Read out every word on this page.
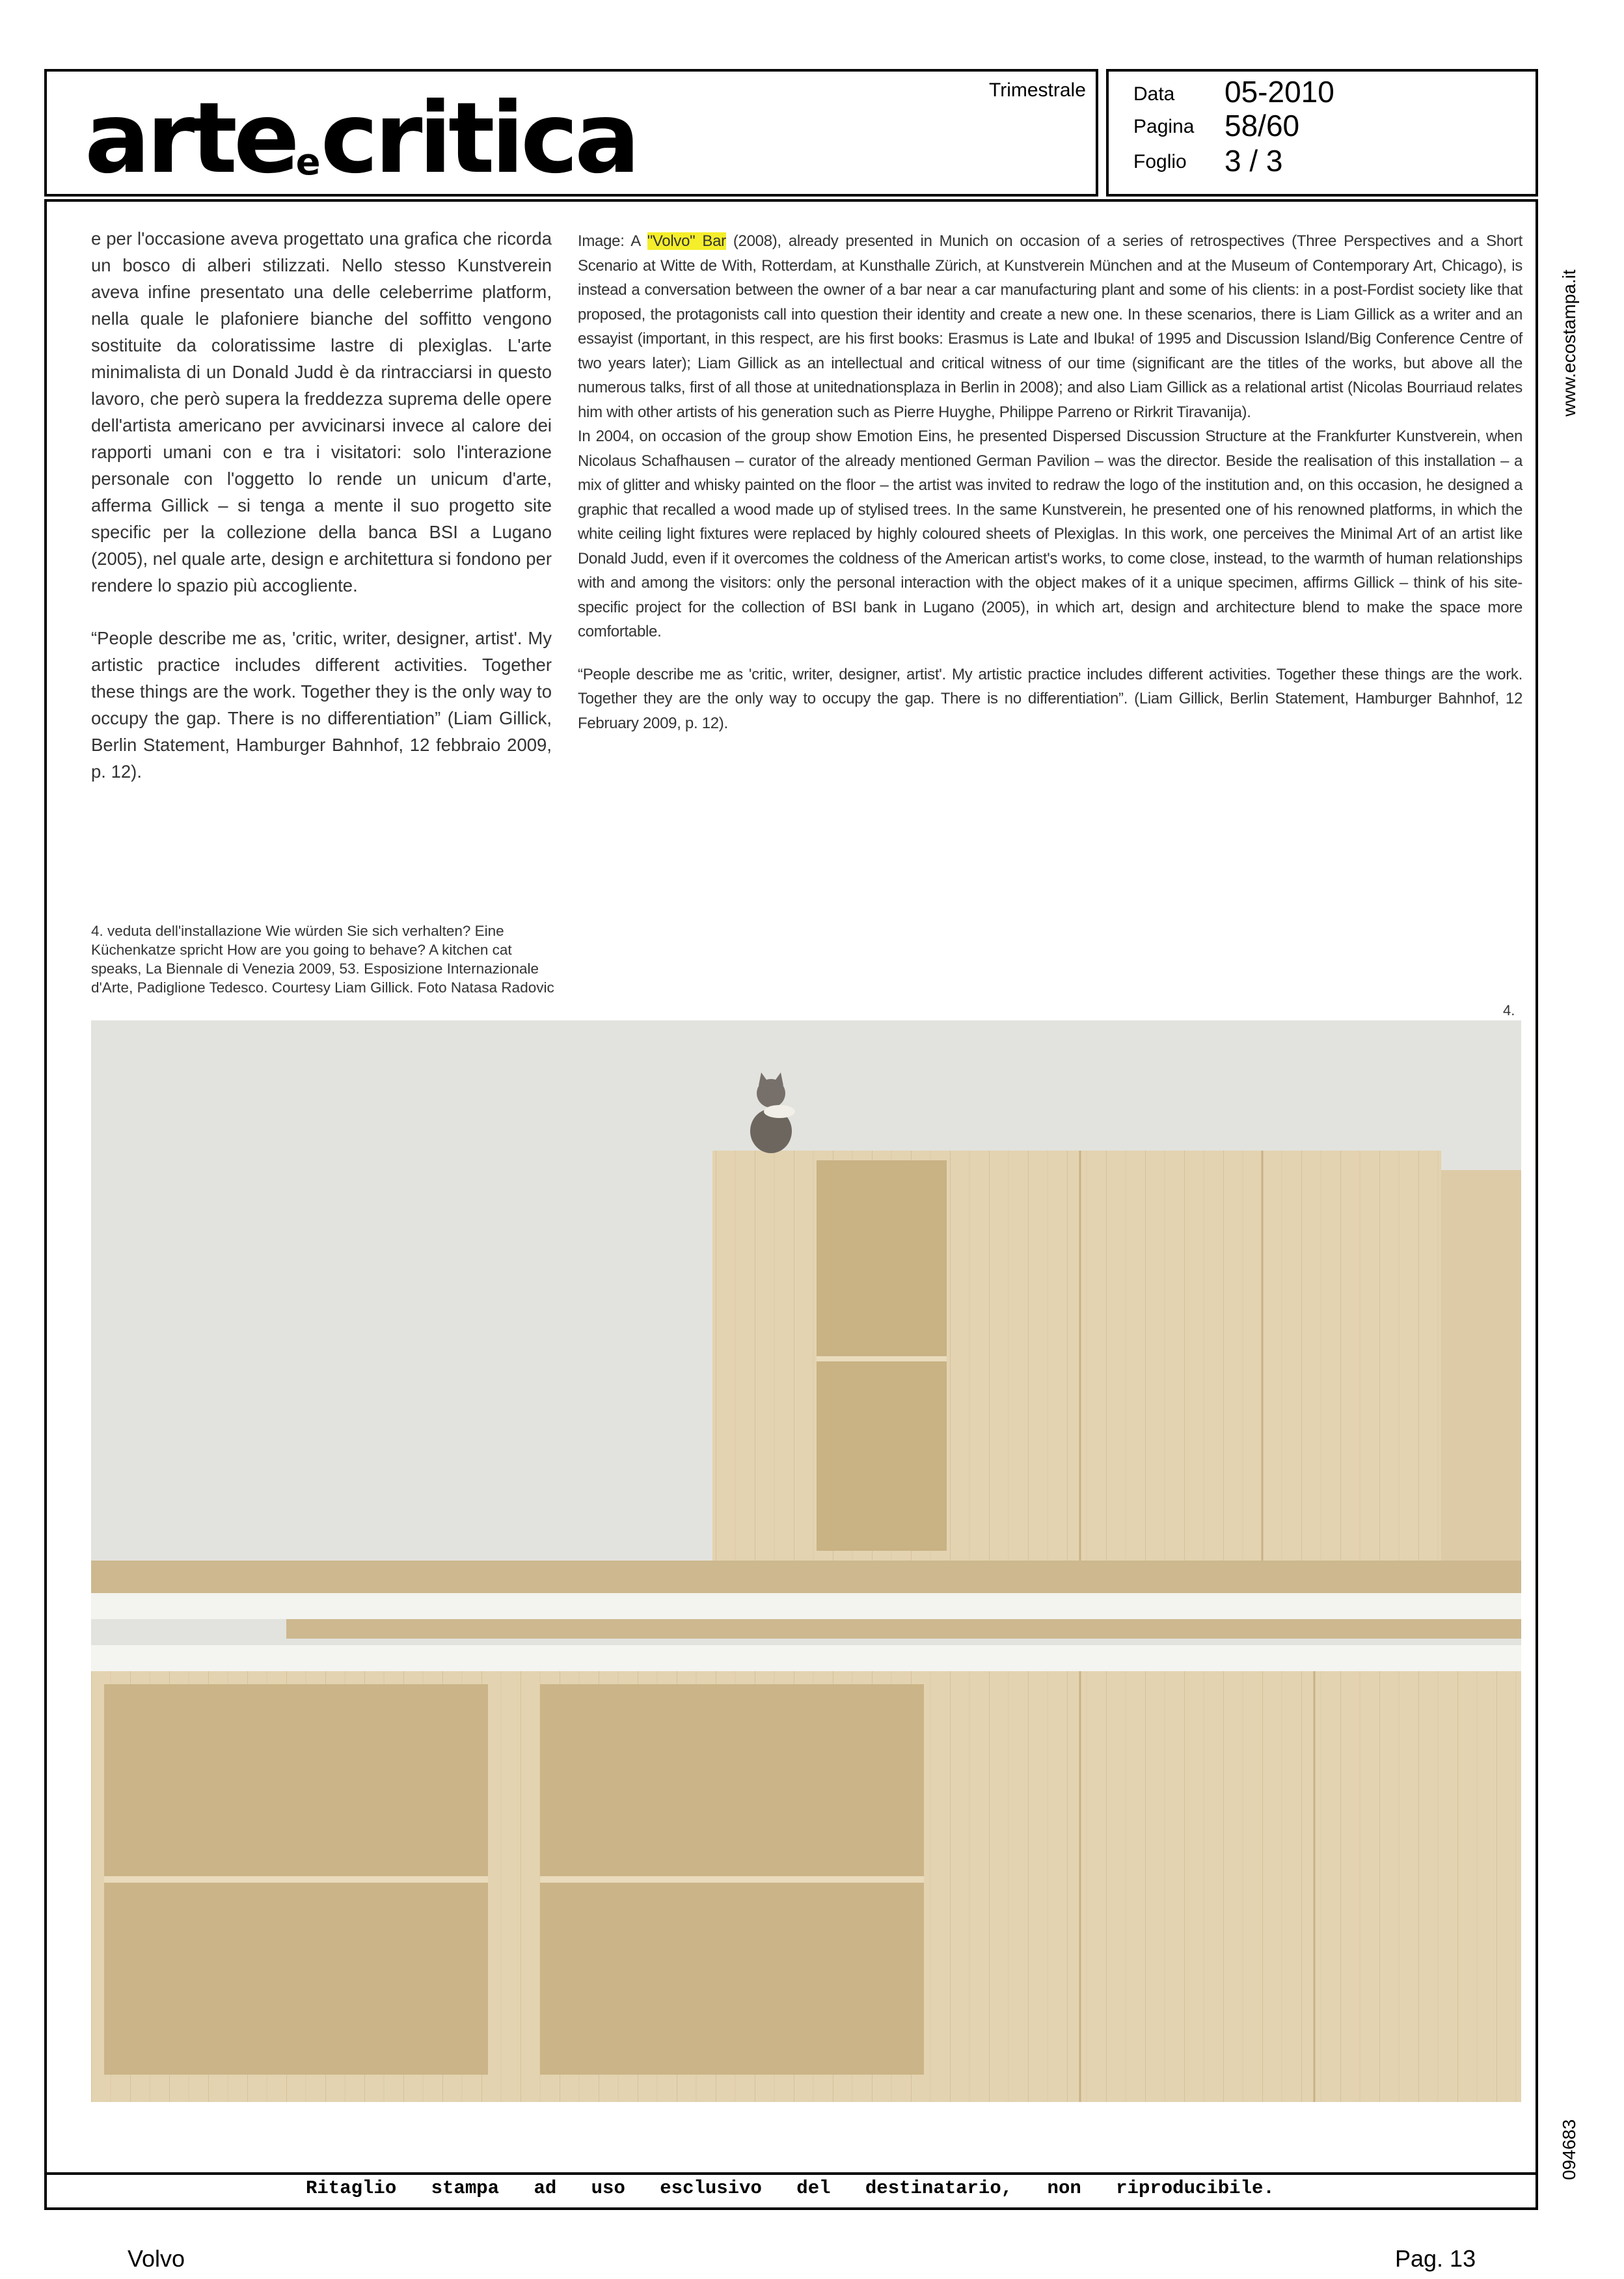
arteecritica	Trimestrale Data 05-2010
Pagina 58/60
Foglio 3 / 3
www.ecostampa.it
094683

e per l'occasione aveva progettato una grafica che ricorda un bosco di alberi stilizzati. Nello stesso Kunstverein aveva infine presentato una delle celeberrime platform, nella quale le plafoniere bianche del soffitto vengono sostituite da coloratissime lastre di plexiglas. L'arte minimalista di un Donald Judd è da rintracciarsi in questo lavoro, che però supera la freddezza suprema delle opere dell'artista americano per avvicinarsi invece al calore dei rapporti umani con e tra i visitatori: solo l'interazione personale con l'oggetto lo rende un unicum d'arte, afferma Gillick – si tenga a mente il suo progetto site specific per la collezione della banca BSI a Lugano (2005), nel quale arte, design e architettura si fondono per rendere lo spazio più accogliente.

“People describe me as, 'critic, writer, designer, artist'. My artistic practice includes different activities. Together these things are the work. Together they is the only way to occupy the gap. There is no differentiation” (Liam Gillick, Berlin Statement, Hamburger Bahnhof, 12 febbraio 2009, p. 12).

Image: A "Volvo" Bar (2008), already presented in Munich on occasion of a series of retrospectives (Three Perspectives and a Short Scenario at Witte de With, Rotterdam, at Kunsthalle Zürich, at Kunstverein München and at the Museum of Contemporary Art, Chicago), is instead a conversation between the owner of a bar near a car manufacturing plant and some of his clients: in a post-Fordist society like that proposed, the protagonists call into question their identity and create a new one. In these scenarios, there is Liam Gillick as a writer and an essayist (important, in this respect, are his first books: Erasmus is Late and Ibuka! of 1995 and Discussion Island/Big Conference Centre of two years later); Liam Gillick as an intellectual and critical witness of our time (significant are the titles of the works, but above all the numerous talks, first of all those at unitednationsplaza in Berlin in 2008); and also Liam Gillick as a relational artist (Nicolas Bourriaud relates him with other artists of his generation such as Pierre Huyghe, Philippe Parreno or Rirkrit Tiravanija).

In 2004, on occasion of the group show Emotion Eins, he presented Dispersed Discussion Structure at the Frankfurter Kunstverein, when Nicolaus Schafhausen – curator of the already mentioned German Pavilion – was the director. Beside the realisation of this installation – a mix of glitter and whisky painted on the floor – the artist was invited to redraw the logo of the institution and, on this occasion, he designed a graphic that recalled a wood made up of stylised trees. In the same Kunstverein, he presented one of his renowned platforms, in which the white ceiling light fixtures were replaced by highly coloured sheets of Plexiglas. In this work, one perceives the Minimal Art of an artist like Donald Judd, even if it overcomes the coldness of the American artist's works, to come close, instead, to the warmth of human relationships with and among the visitors: only the personal interaction with the object makes of it a unique specimen, affirms Gillick – think of his site-specific project for the collection of BSI bank in Lugano (2005), in which art, design and architecture blend to make the space more comfortable.

“People describe me as 'critic, writer, designer, artist'. My artistic practice includes different activities. Together these things are the work. Together they are the only way to occupy the gap. There is no differentiation”. (Liam Gillick, Berlin Statement, Hamburger Bahnhof, 12 February 2009, p. 12).

4. veduta dell'installazione Wie würden Sie sich verhalten? Eine Küchenkatze spricht How are you going to behave? A kitchen cat speaks, La Biennale di Venezia 2009, 53. Esposizione Internazionale d'Arte, Padiglione Tedesco. Courtesy Liam Gillick. Foto Natasa Radovic
4.
Ritaglio stampa ad uso esclusivo del destinatario, non riproducibile.
Volvo	Pag. 13
